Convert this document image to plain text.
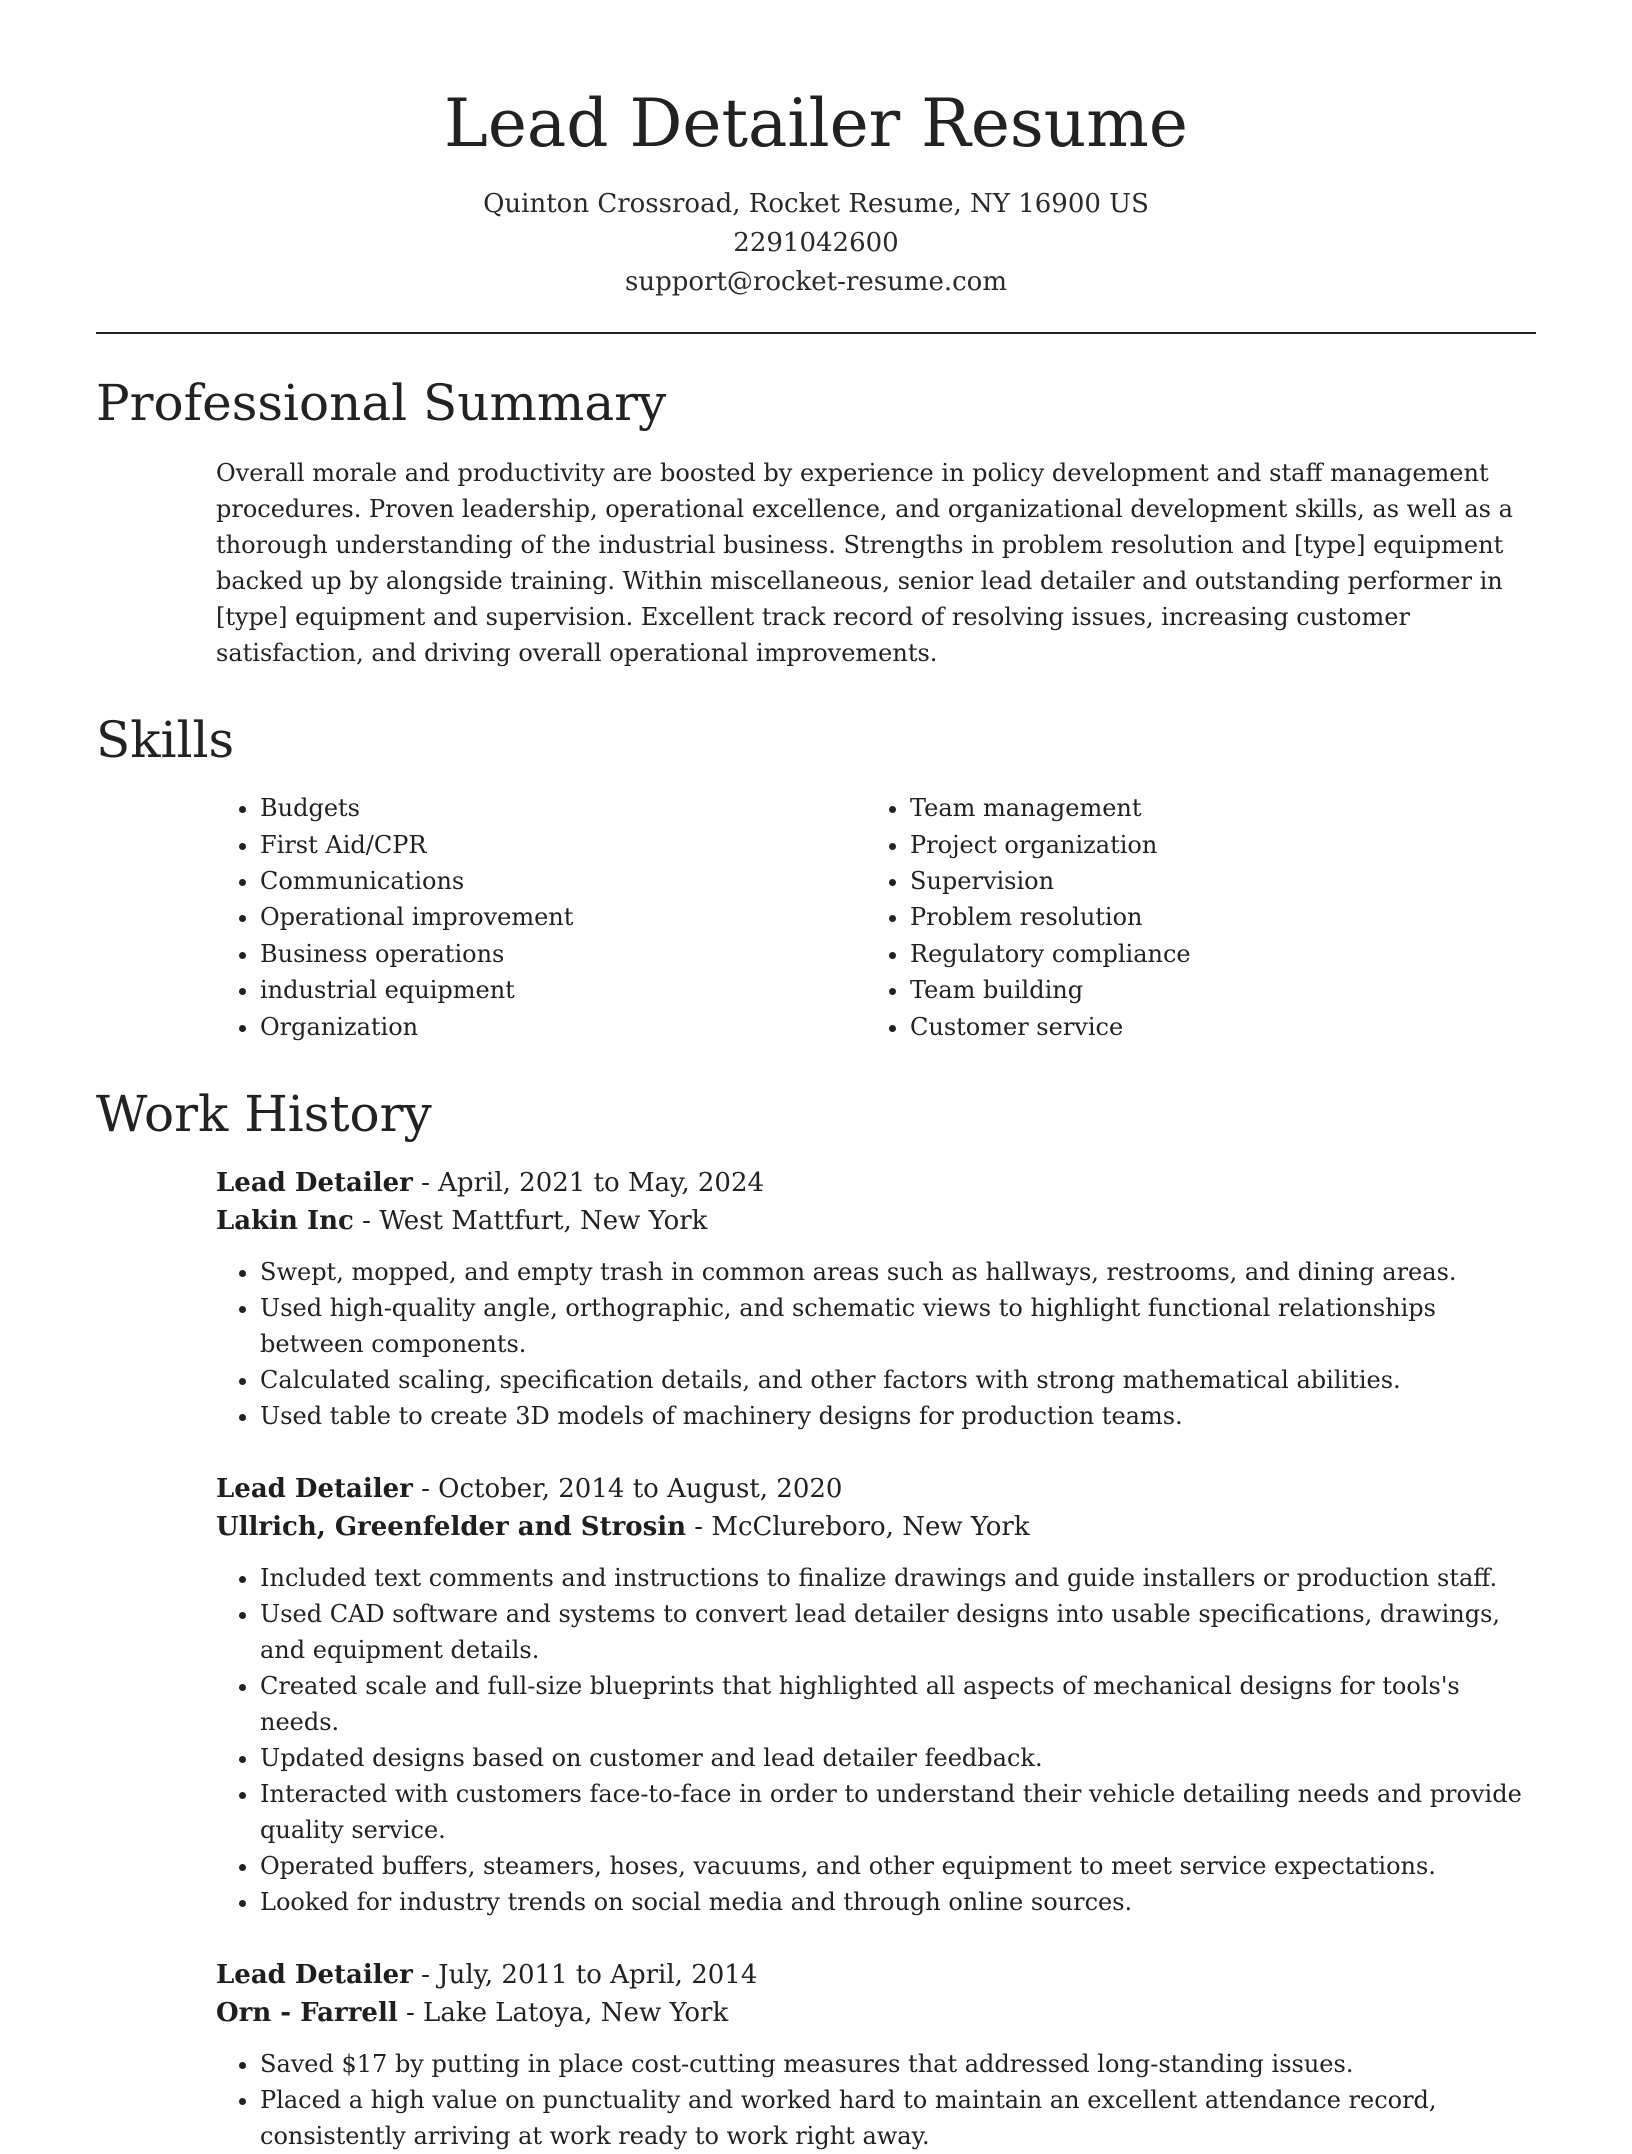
Lead Detailer Resume
Quinton Crossroad, Rocket Resume, NY 16900 US
2291042600
support@rocket-resume.com
Professional Summary

Overall morale and productivity are boosted by experience in policy development and staff management procedures. Proven leadership, operational excellence, and organizational development skills, as well as a thorough understanding of the industrial business. Strengths in problem resolution and [type] equipment backed up by alongside training. Within miscellaneous, senior lead detailer and outstanding performer in [type] equipment and supervision. Excellent track record of resolving issues, increasing customer satisfaction, and driving overall operational improvements.

Skills
• Budgets
• First Aid/CPR
• Communications
• Operational improvement
• Business operations
• industrial equipment
• Organization
• Team management
• Project organization
• Supervision
• Problem resolution
• Regulatory compliance
• Team building
• Customer service
Work History
Lead Detailer - April, 2021 to May, 2024
Lakin Inc - West Mattfurt, New York
• Swept, mopped, and empty trash in common areas such as hallways, restrooms, and dining areas.
• Used high-quality angle, orthographic, and schematic views to highlight functional relationships between components.
• Calculated scaling, specification details, and other factors with strong mathematical abilities.
• Used table to create 3D models of machinery designs for production teams.
Lead Detailer - October, 2014 to August, 2020
Ullrich, Greenfelder and Strosin - McClureboro, New York
• Included text comments and instructions to finalize drawings and guide installers or production staff.
• Used CAD software and systems to convert lead detailer designs into usable specifications, drawings, and equipment details.
• Created scale and full-size blueprints that highlighted all aspects of mechanical designs for tools's needs.
• Updated designs based on customer and lead detailer feedback.
• Interacted with customers face-to-face in order to understand their vehicle detailing needs and provide quality service.
• Operated buffers, steamers, hoses, vacuums, and other equipment to meet service expectations.
• Looked for industry trends on social media and through online sources.
Lead Detailer - July, 2011 to April, 2014
Orn - Farrell - Lake Latoya, New York
• Saved $17 by putting in place cost-cutting measures that addressed long-standing issues.
• Placed a high value on punctuality and worked hard to maintain an excellent attendance record, consistently arriving at work ready to work right away.
